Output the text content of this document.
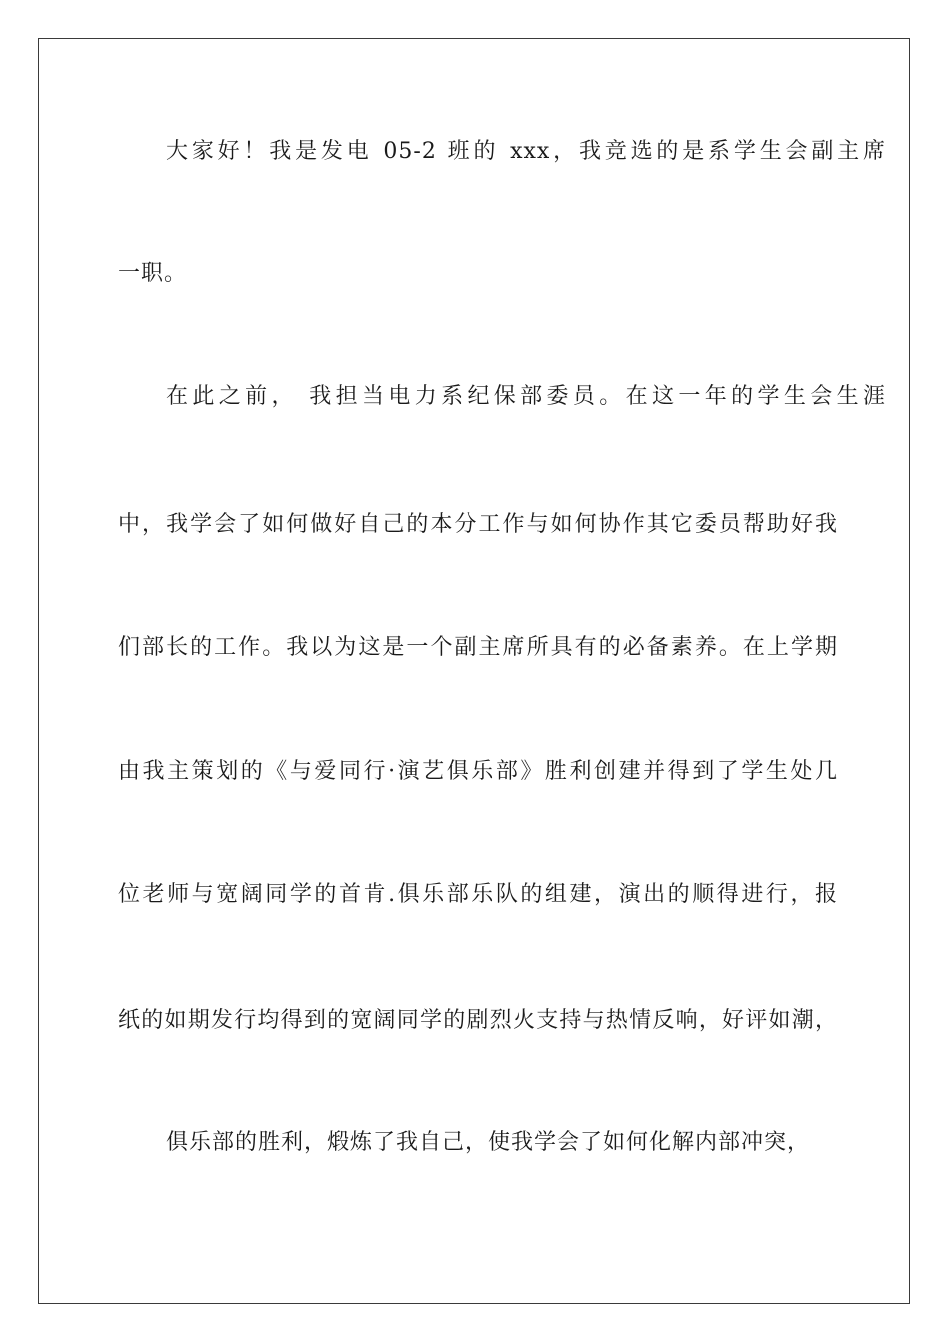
大家好！我是发电 05-2 班的 xxx，我竞选的是系学生会副主席
一职。
在此之前， 我担当电力系纪保部委员。在这一年的学生会生涯
中，我学会了如何做好自己的本分工作与如何协作其它委员帮助好我
们部长的工作。我以为这是一个副主席所具有的必备素养。在上学期
由我主策划的《与爱同行·演艺俱乐部》胜利创建并得到了学生处几
位老师与宽阔同学的首肯.俱乐部乐队的组建，演出的顺得进行，报
纸的如期发行均得到的宽阔同学的剧烈火支持与热情反响，好评如潮，
俱乐部的胜利，煅炼了我自己，使我学会了如何化解内部冲突，
